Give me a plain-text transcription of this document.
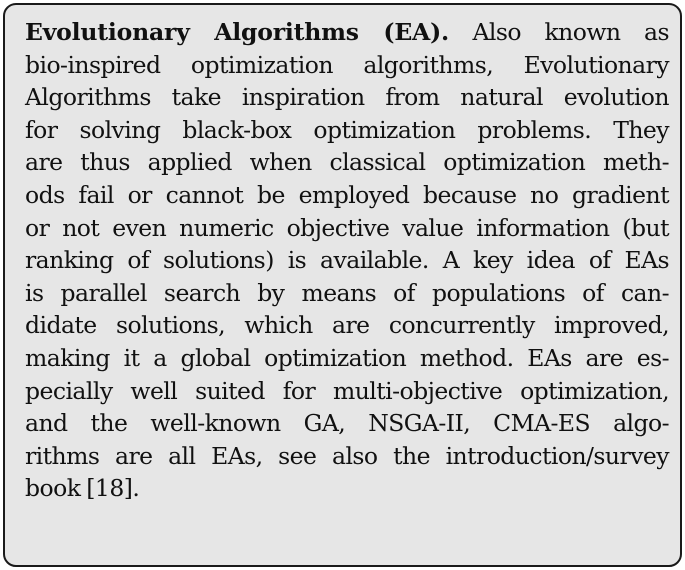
Evolutionary Algorithms (EA). Also known as
bio-inspired optimization algorithms, Evolutionary
Algorithms take inspiration from natural evolution
for solving black-box optimization problems. They
are thus applied when classical optimization meth-
ods fail or cannot be employed because no gradient
or not even numeric objective value information (but
ranking of solutions) is available. A key idea of EAs
is parallel search by means of populations of can-
didate solutions, which are concurrently improved,
making it a global optimization method. EAs are es-
pecially well suited for multi-objective optimization,
and the well-known GA, NSGA-II, CMA-ES algo-
rithms are all EAs, see also the introduction/survey
book [18].
